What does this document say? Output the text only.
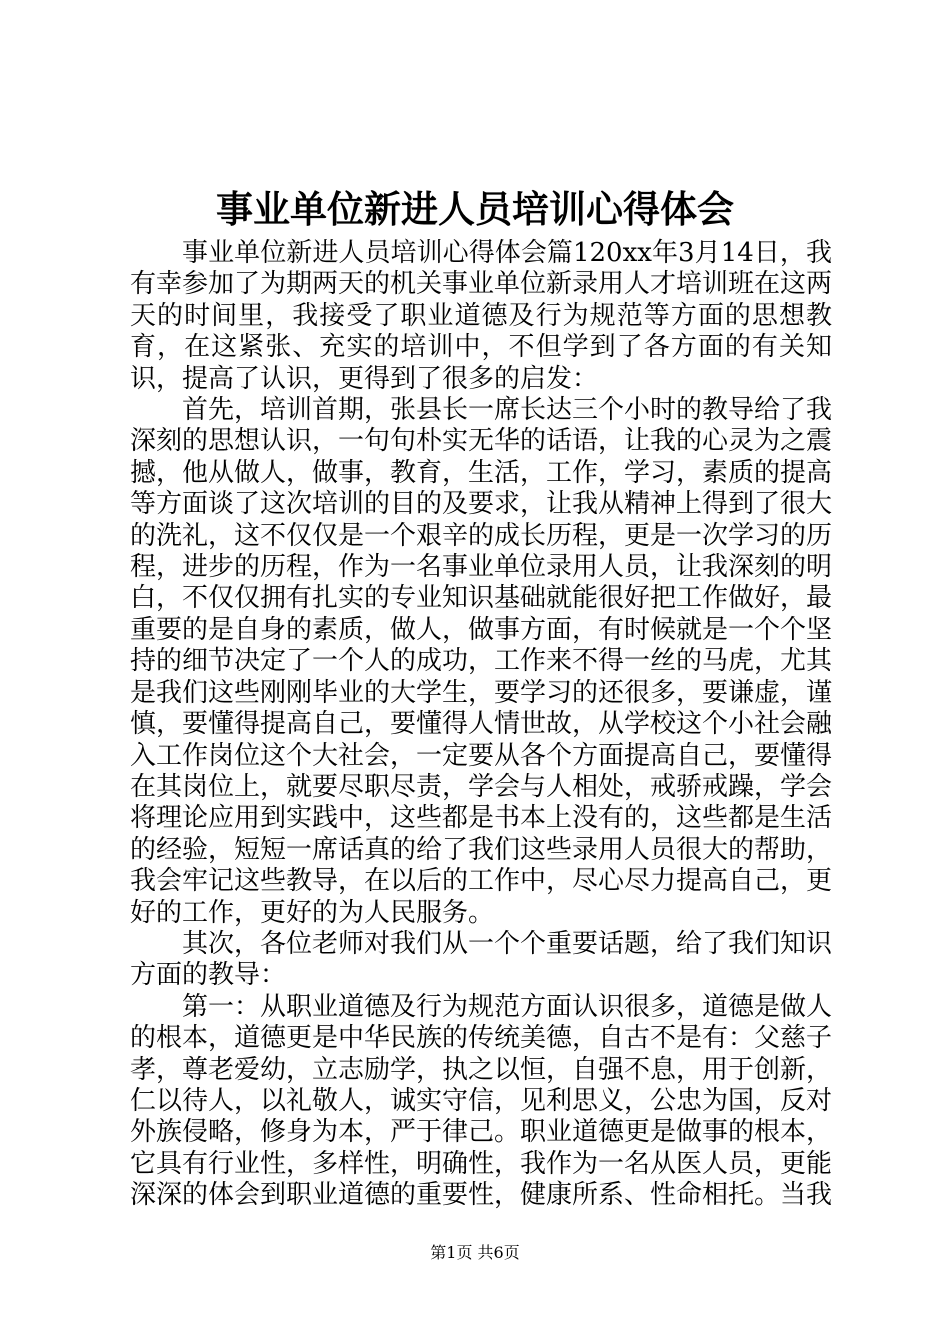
事业单位新进人员培训心得体会

事业单位新进人员培训心得体会篇120xx年3月14日，我有幸参加了为期两天的机关事业单位新录用人才培训班在这两天的时间里，我接受了职业道德及行为规范等方面的思想教育，在这紧张、充实的培训中，不但学到了各方面的有关知识，提高了认识，更得到了很多的启发：

首先，培训首期，张县长一席长达三个小时的教导给了我深刻的思想认识，一句句朴实无华的话语，让我的心灵为之震撼，他从做人，做事，教育，生活，工作，学习，素质的提高等方面谈了这次培训的目的及要求，让我从精神上得到了很大的洗礼，这不仅仅是一个艰辛的成长历程，更是一次学习的历程，进步的历程，作为一名事业单位录用人员，让我深刻的明白，不仅仅拥有扎实的专业知识基础就能很好把工作做好，最重要的是自身的素质，做人，做事方面，有时候就是一个个坚持的细节决定了一个人的成功，工作来不得一丝的马虎，尤其是我们这些刚刚毕业的大学生，要学习的还很多，要谦虚，谨慎，要懂得提高自己，要懂得人情世故，从学校这个小社会融入工作岗位这个大社会，一定要从各个方面提高自己，要懂得在其岗位上，就要尽职尽责，学会与人相处，戒骄戒躁，学会将理论应用到实践中，这些都是书本上没有的，这些都是生活的经验，短短一席话真的给了我们这些录用人员很大的帮助，我会牢记这些教导，在以后的工作中，尽心尽力提高自己，更好的工作，更好的为人民服务。

其次，各位老师对我们从一个个重要话题，给了我们知识方面的教导：

第一：从职业道德及行为规范方面认识很多，道德是做人的根本，道德更是中华民族的传统美德，自古不是有：父慈子孝，尊老爱幼，立志励学，执之以恒，自强不息，用于创新，仁以待人，以礼敬人，诚实守信，见利思义，公忠为国，反对外族侵略，修身为本，严于律己。职业道德更是做事的根本，它具有行业性，多样性，明确性，我作为一名从医人员，更能深深的体会到职业道德的重要性，健康所系、性命相托。当我

第1页 共6页
